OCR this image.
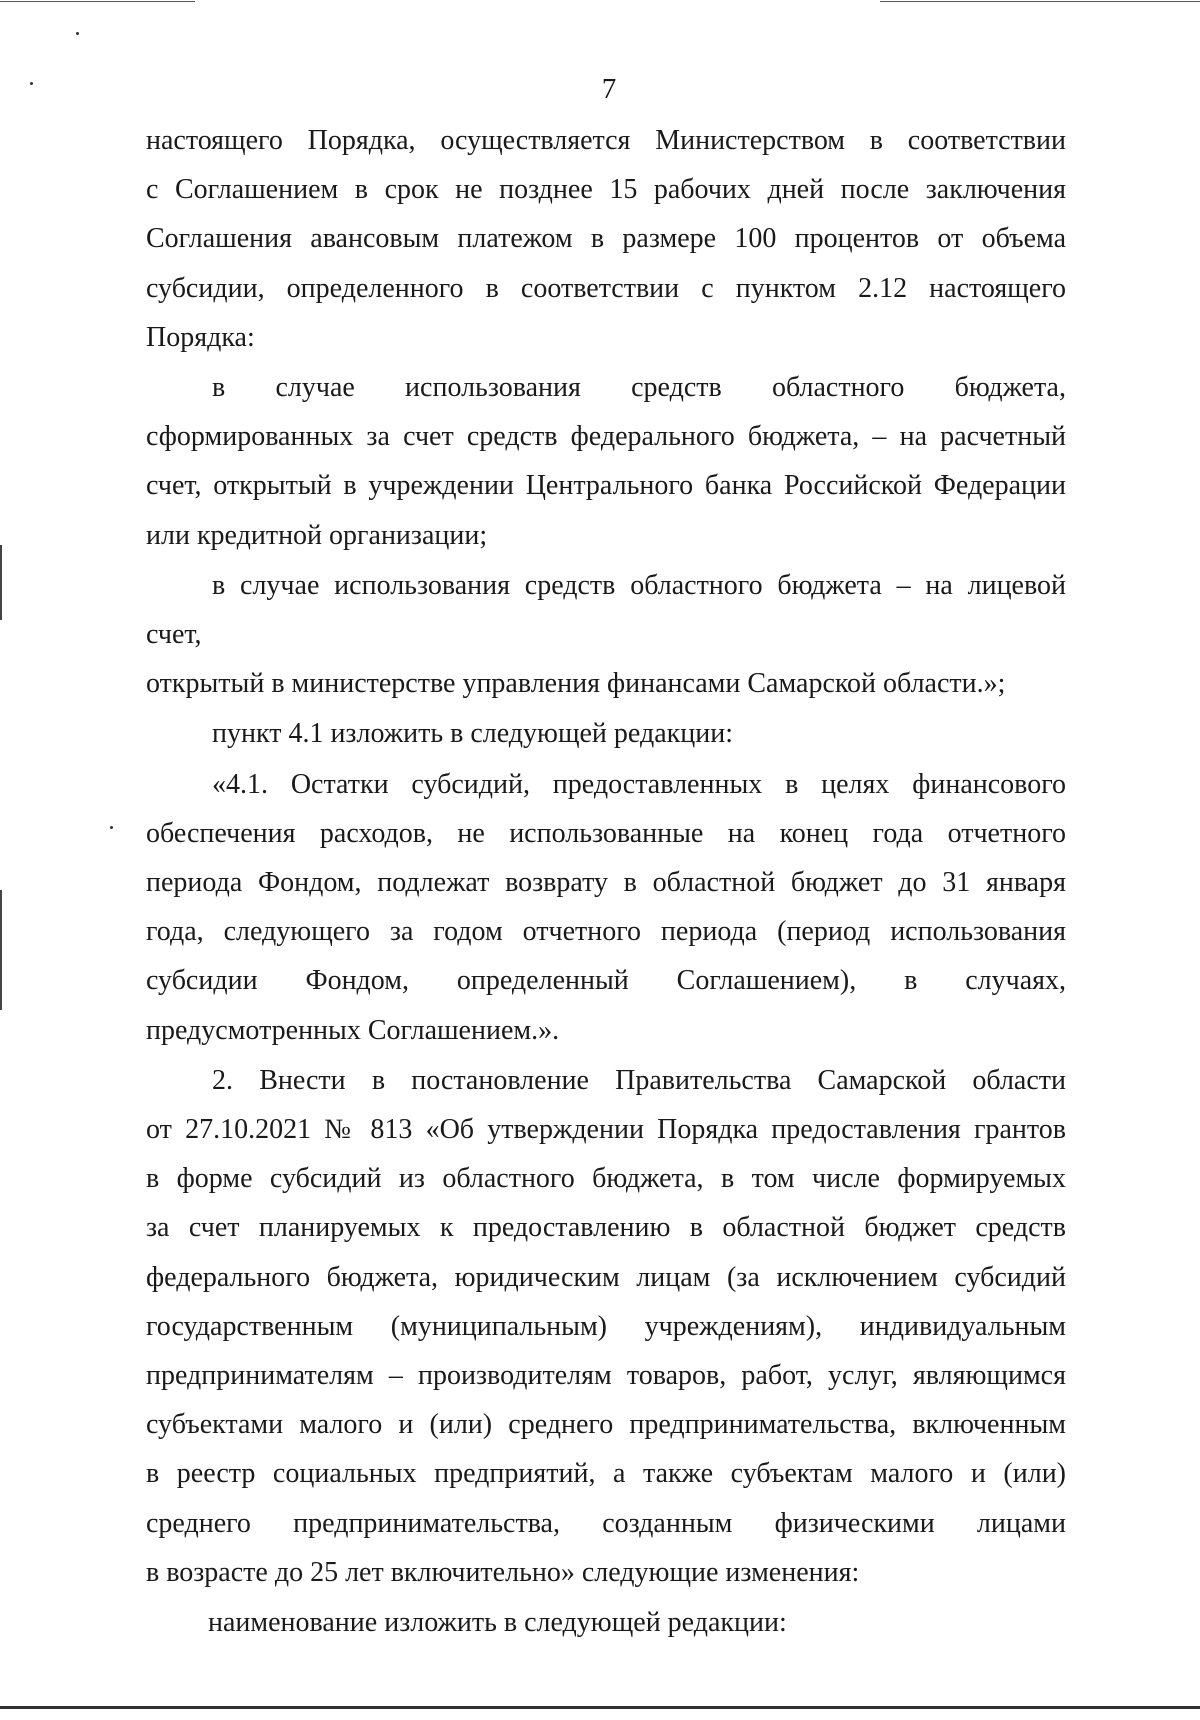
7

настоящего Порядка, осуществляется Министерством в соответствии

с Соглашением в срок не позднее 15 рабочих дней после заключения

Соглашения авансовым платежом в размере 100 процентов от объема

субсидии, определенного в соответствии с пунктом 2.12 настоящего

Порядка:

в случае использования средств областного бюджета,

сформированных за счет средств федерального бюджета, – на расчетный

счет, открытый в учреждении Центрального банка Российской Федерации

или кредитной организации;

в случае использования средств областного бюджета – на лицевой счет,

открытый в министерстве управления финансами Самарской области.»;

пункт 4.1 изложить в следующей редакции:

«4.1. Остатки субсидий, предоставленных в целях финансового

обеспечения расходов, не использованные на конец года отчетного

периода Фондом, подлежат возврату в областной бюджет до 31 января

года, следующего за годом отчетного периода (период использования

субсидии Фондом, определенный Соглашением), в случаях,

предусмотренных Соглашением.».

2. Внести в постановление Правительства Самарской области

от 27.10.2021 № 813 «Об утверждении Порядка предоставления грантов

в форме субсидий из областного бюджета, в том числе формируемых

за счет планируемых к предоставлению в областной бюджет средств

федерального бюджета, юридическим лицам (за исключением субсидий

государственным (муниципальным) учреждениям), индивидуальным

предпринимателям – производителям товаров, работ, услуг, являющимся

субъектами малого и (или) среднего предпринимательства, включенным

в реестр социальных предприятий, а также субъектам малого и (или)

среднего предпринимательства, созданным физическими лицами

в возрасте до 25 лет включительно» следующие изменения:

наименование изложить в следующей редакции:
